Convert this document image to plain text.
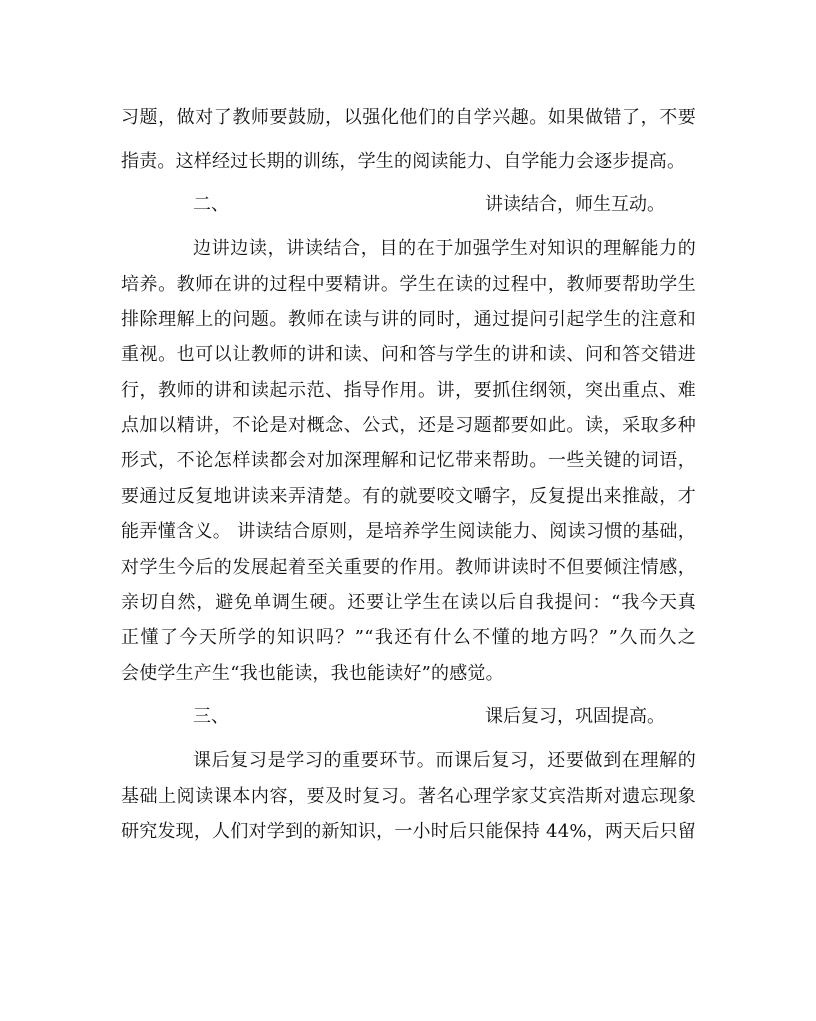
习题，做对了教师要鼓励，以强化他们的自学兴趣。如果做错了，不要
指责。这样经过长期的训练，学生的阅读能力、自学能力会逐步提高。
二、	讲读结合，师生互动。
边讲边读，讲读结合，目的在于加强学生对知识的理解能力的
培养。教师在讲的过程中要精讲。学生在读的过程中，教师要帮助学生
排除理解上的问题。教师在读与讲的同时，通过提问引起学生的注意和
重视。也可以让教师的讲和读、问和答与学生的讲和读、问和答交错进
行，教师的讲和读起示范、指导作用。讲，要抓住纲领，突出重点、难
点加以精讲，不论是对概念、公式，还是习题都要如此。读，采取多种
形式，不论怎样读都会对加深理解和记忆带来帮助。一些关键的词语，
要通过反复地讲读来弄清楚。有的就要咬文嚼字，反复提出来推敲，才
能弄懂含义。 讲读结合原则，是培养学生阅读能力、阅读习惯的基础，
对学生今后的发展起着至关重要的作用。教师讲读时不但要倾注情感，
亲切自然，避免单调生硬。还要让学生在读以后自我提问：“我今天真
正懂了今天所学的知识吗？”“我还有什么不懂的地方吗？”久而久之
会使学生产生“我也能读，我也能读好”的感觉。
三、	课后复习，巩固提高。
课后复习是学习的重要环节。而课后复习，还要做到在理解的
基础上阅读课本内容，要及时复习。著名心理学家艾宾浩斯对遗忘现象
研究发现，人们对学到的新知识，一小时后只能保持 44%，两天后只留
